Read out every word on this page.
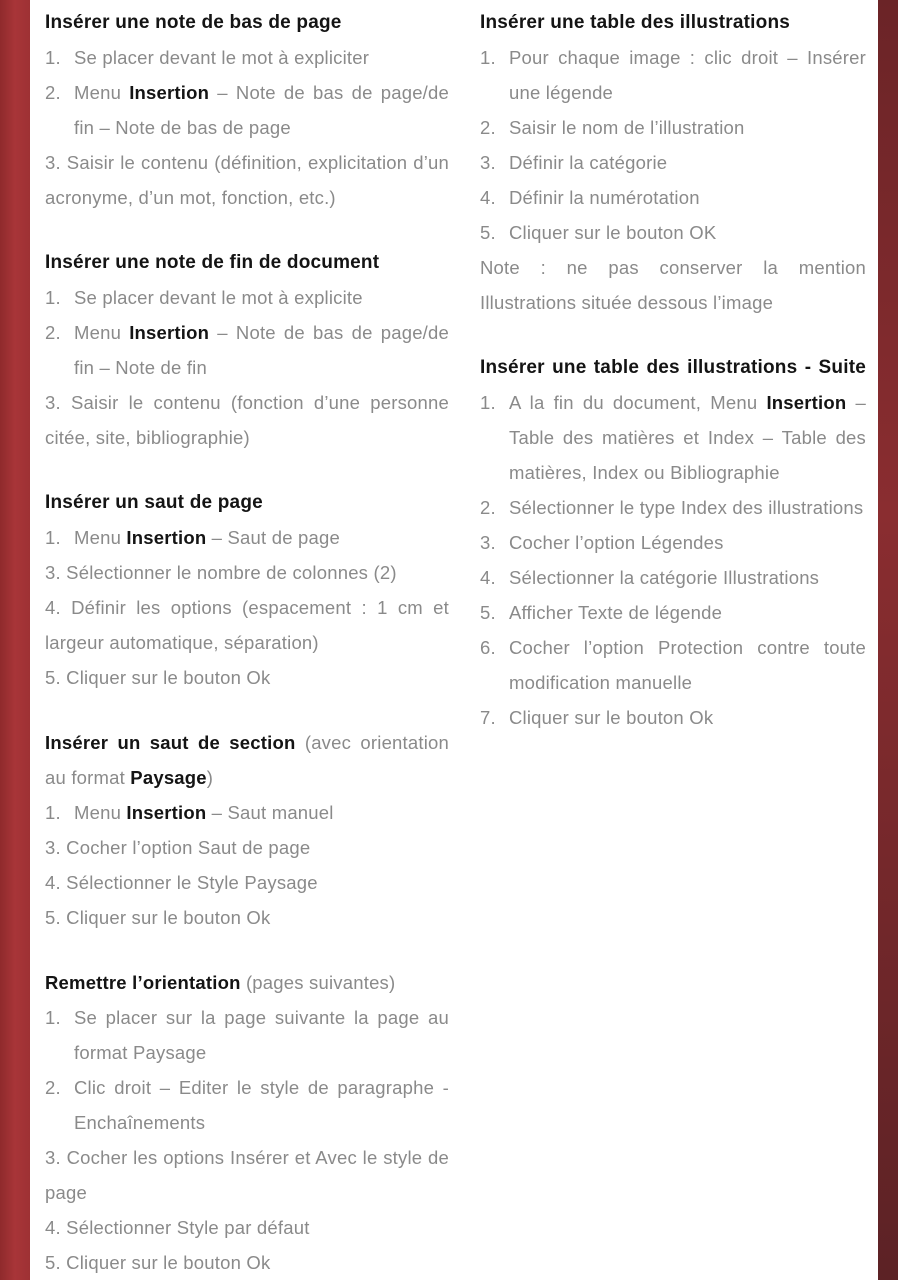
Insérer une note de bas de page

1. Se placer devant le mot à expliciter

2. Menu Insertion – Note de bas de page/de fin – Note de bas de page

3. Saisir le contenu (définition, explicitation d’un acronyme, d’un mot, fonction, etc.)

Insérer une note de fin de document

1. Se placer devant le mot à explicite

2. Menu Insertion – Note de bas de page/de fin – Note de fin

3. Saisir le contenu (fonction d’une personne citée, site, bibliographie)

Insérer un saut de page

1. Menu Insertion – Saut de page

3. Sélectionner le nombre de colonnes (2)

4. Définir les options (espacement : 1 cm et largeur automatique, séparation)

5. Cliquer sur le bouton Ok

Insérer un saut de section (avec orientation au format Paysage)

1. Menu Insertion – Saut manuel

3. Cocher l’option Saut de page

4. Sélectionner le Style Paysage

5. Cliquer sur le bouton Ok

Remettre l’orientation (pages suivantes)

1. Se placer sur la page suivante la page au format Paysage

2. Clic droit – Editer le style de paragraphe - Enchaînements

3. Cocher les options Insérer et Avec le style de page

4. Sélectionner Style par défaut

5. Cliquer sur le bouton Ok

Insérer une table des illustrations

1. Pour chaque image : clic droit – Insérer une légende

2. Saisir le nom de l’illustration

3. Définir la catégorie

4. Définir la numérotation

5. Cliquer sur le bouton OK

Note : ne pas conserver la mention Illustrations située dessous l’image

Insérer une table des illustrations - Suite

1. A la fin du document, Menu Insertion – Table des matières et Index – Table des matières, Index ou Bibliographie

2. Sélectionner le type Index des illustrations

3. Cocher l’option Légendes

4. Sélectionner la catégorie Illustrations

5. Afficher Texte de légende

6. Cocher l’option Protection contre toute modification manuelle

7. Cliquer sur le bouton Ok
